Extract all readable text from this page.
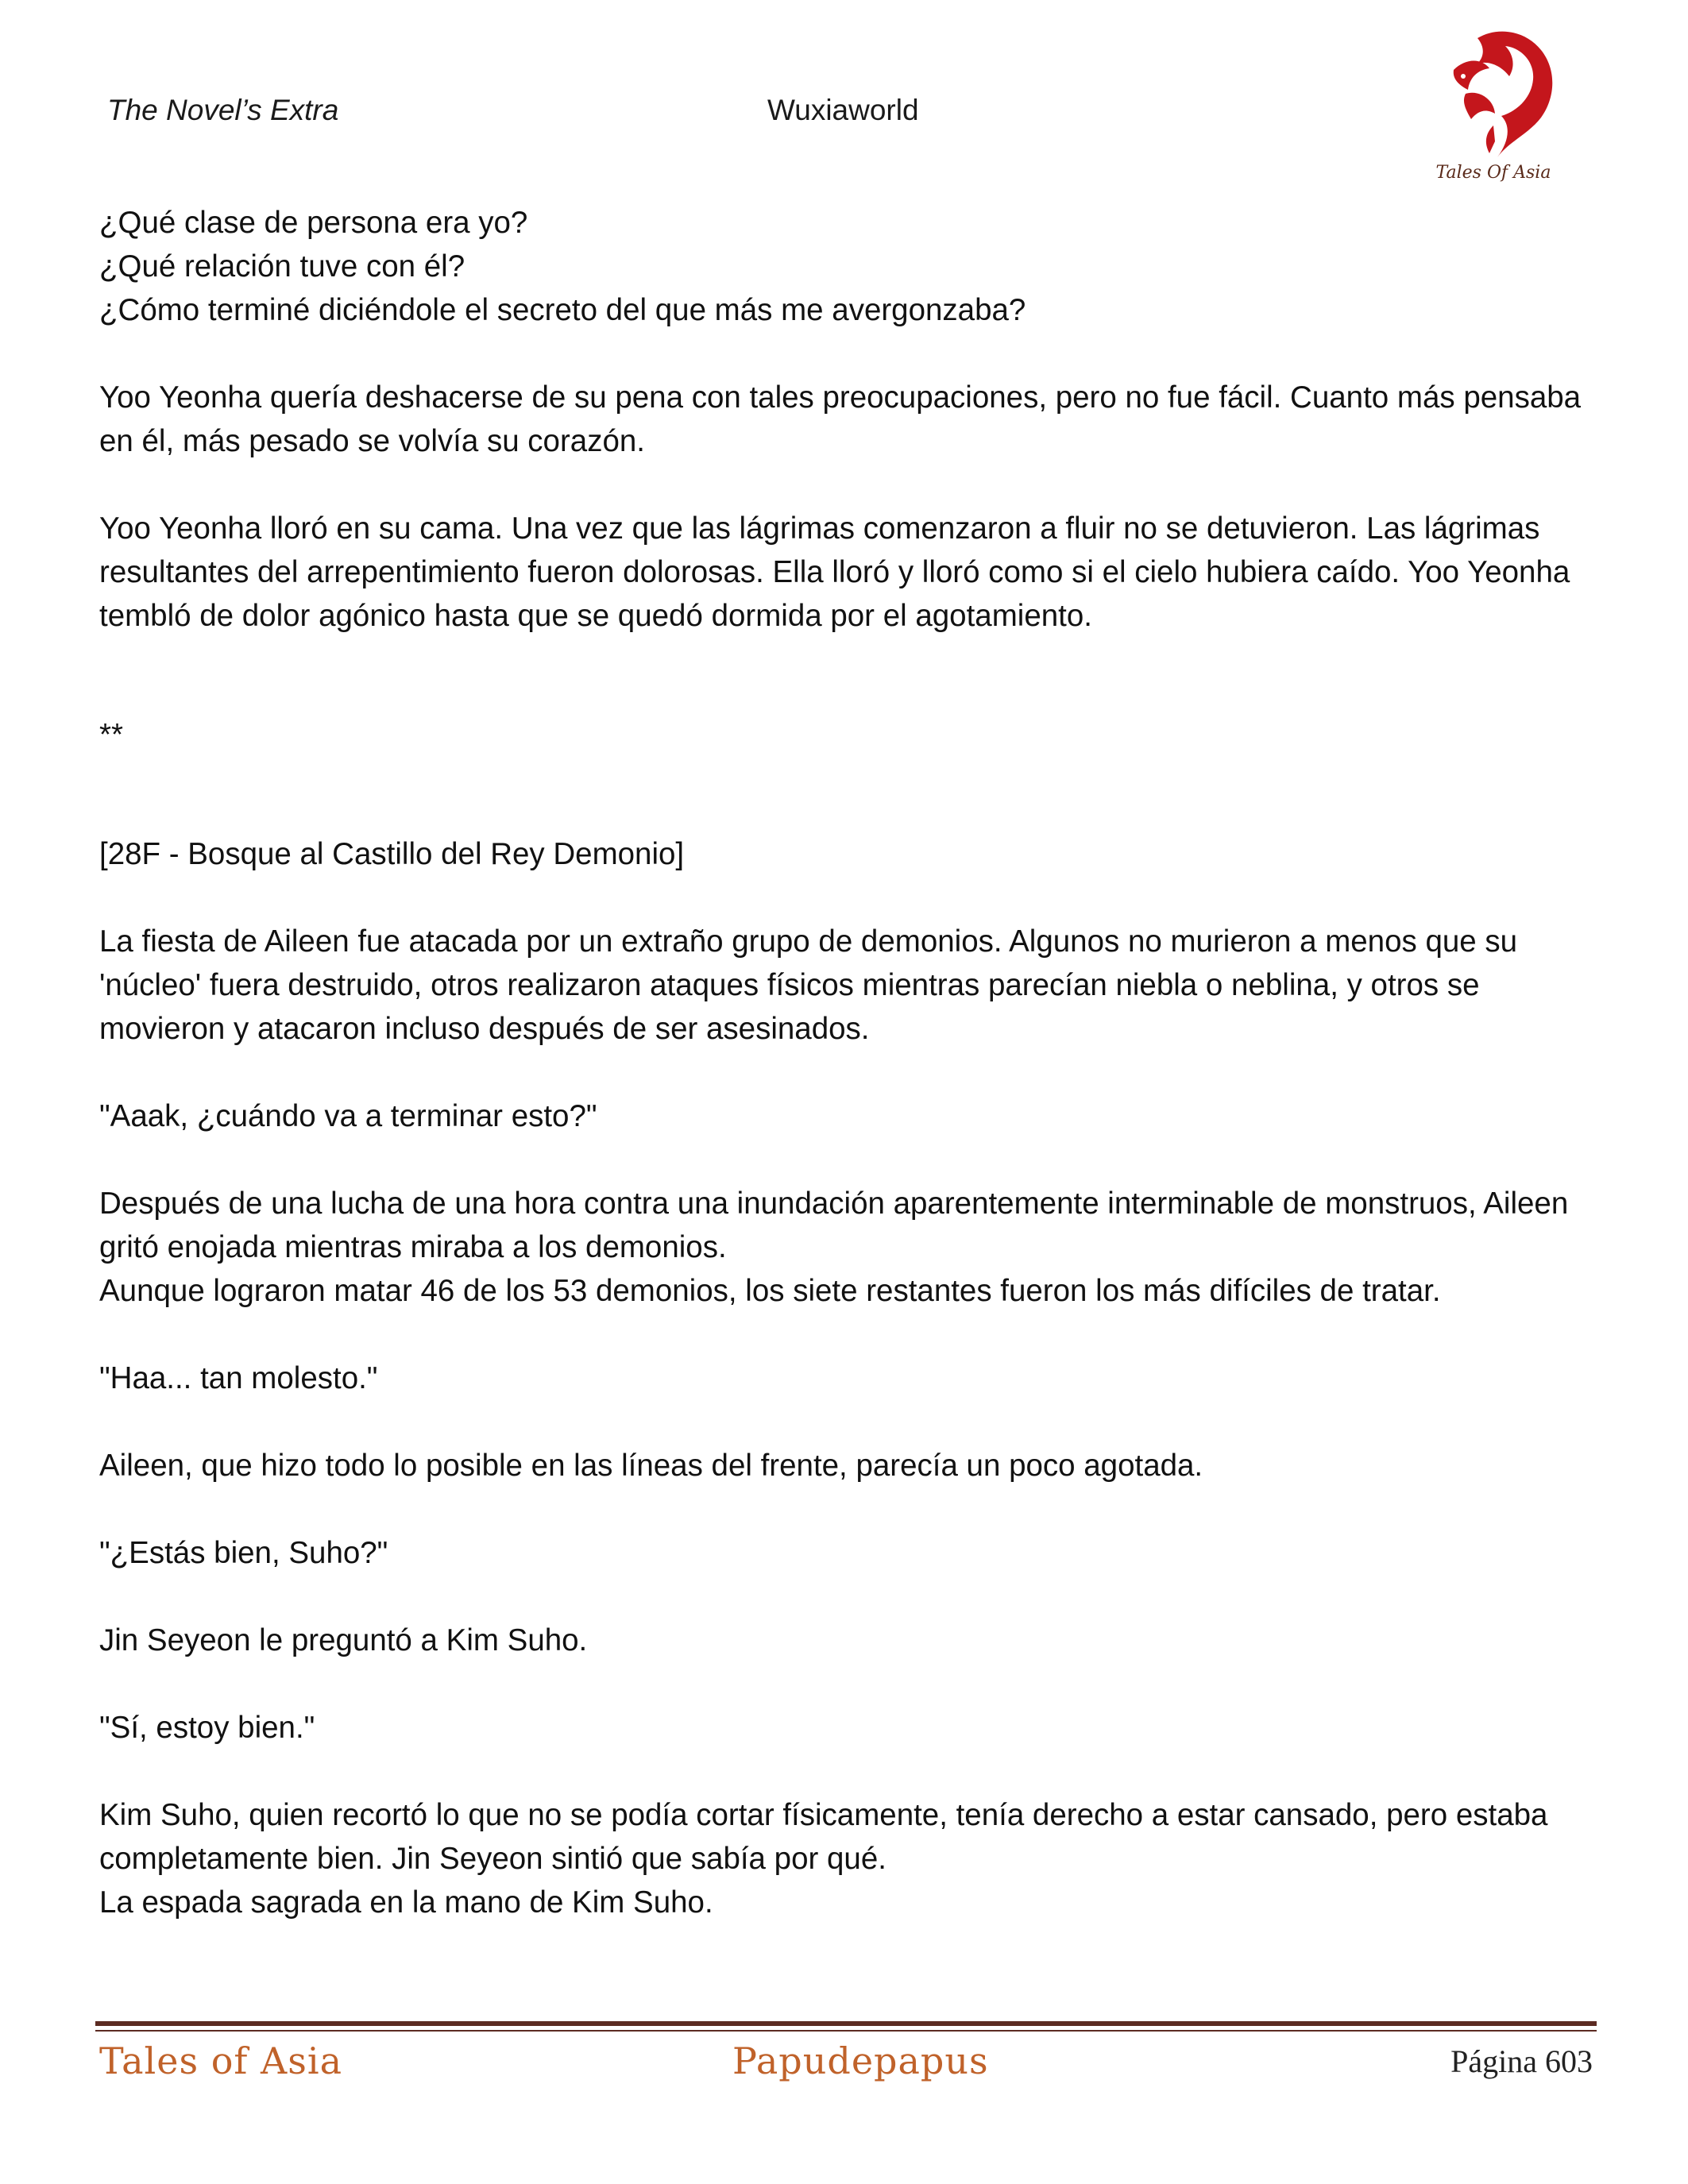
The Novel’s Extra	Wuxiaworld
Tales Of Asia

¿Qué clase de persona era yo?

¿Qué relación tuve con él?

¿Cómo terminé diciéndole el secreto del que más me avergonzaba?

Yoo Yeonha quería deshacerse de su pena con tales preocupaciones, pero no fue fácil. Cuanto más pensaba en él, más pesado se volvía su corazón.

Yoo Yeonha lloró en su cama. Una vez que las lágrimas comenzaron a fluir no se detuvieron. Las lágrimas resultantes del arrepentimiento fueron dolorosas. Ella lloró y lloró como si el cielo hubiera caído. Yoo Yeonha tembló de dolor agónico hasta que se quedó dormida por el agotamiento.

**

[28F - Bosque al Castillo del Rey Demonio]

La fiesta de Aileen fue atacada por un extraño grupo de demonios. Algunos no murieron a menos que su 'núcleo' fuera destruido, otros realizaron ataques físicos mientras parecían niebla o neblina, y otros se movieron y atacaron incluso después de ser asesinados.

"Aaak, ¿cuándo va a terminar esto?"

Después de una lucha de una hora contra una inundación aparentemente interminable de monstruos, Aileen gritó enojada mientras miraba a los demonios.

Aunque lograron matar 46 de los 53 demonios, los siete restantes fueron los más difíciles de tratar.

"Haa... tan molesto."

Aileen, que hizo todo lo posible en las líneas del frente, parecía un poco agotada.

"¿Estás bien, Suho?"

Jin Seyeon le preguntó a Kim Suho.

"Sí, estoy bien."

Kim Suho, quien recortó lo que no se podía cortar físicamente, tenía derecho a estar cansado, pero estaba completamente bien. Jin Seyeon sintió que sabía por qué.

La espada sagrada en la mano de Kim Suho.

Tales of Asia	Papudepapus	Página 603
